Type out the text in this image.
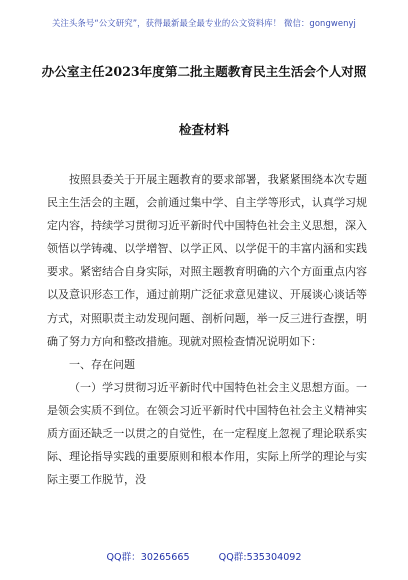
关注头条号“公文研究”，获得最新最全最专业的公文资料库！ 微信：gongwenyj
办公室主任2023年度第二批主题教育民主生活会个人对照
检查材料

按照县委关于开展主题教育的要求部署，我紧紧围绕本次专题民主生活会的主题，会前通过集中学、自主学等形式，认真学习规定内容，持续学习贯彻习近平新时代中国特色社会主义思想，深入领悟以学铸魂、以学增智、以学正风、以学促干的丰富内涵和实践要求。紧密结合自身实际，对照主题教育明确的六个方面重点内容以及意识形态工作，通过前期广泛征求意见建议、开展谈心谈话等方式，对照职责主动发现问题、剖析问题，举一反三进行查摆，明确了努力方向和整改措施。现就对照检查情况说明如下：

一、存在问题

（一）学习贯彻习近平新时代中国特色社会主义思想方面。一是领会实质不到位。在领会习近平新时代中国特色社会主义精神实质方面还缺乏一以贯之的自觉性，在一定程度上忽视了理论联系实际、理论指导实践的重要原则和根本作用，实际上所学的理论与实际主要工作脱节，没

QQ群：30265665	QQ群:535304092
